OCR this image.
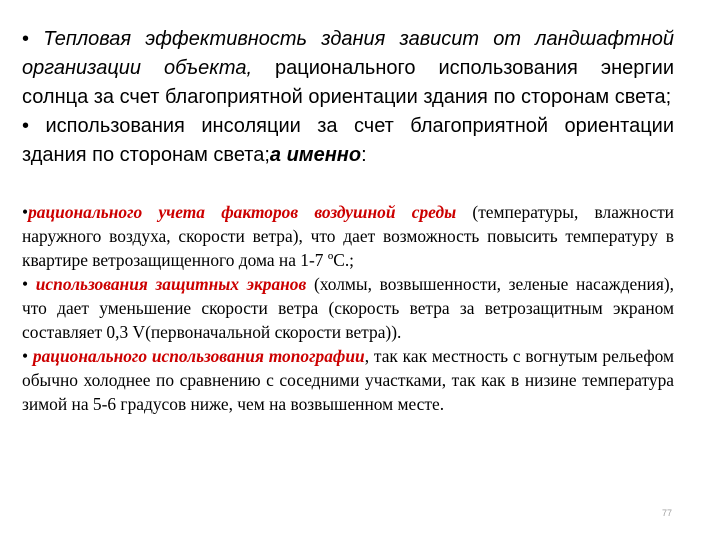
• Тепловая эффективность здания зависит от ландшафтной организации объекта, рационального использования энергии солнца за счет благоприятной ориентации здания по сторонам света;
• использования инсоляции за счет благоприятной ориентации здания по сторонам света;а именно:
•рационального учета факторов воздушной среды (температуры, влажности наружного воздуха, скорости ветра), что дает возможность повысить температуру в квартире ветрозащищенного дома на 1-7 ºС.;
• использования защитных экранов (холмы, возвышенности, зеленые насаждения), что дает уменьшение скорости ветра (скорость ветра за ветрозащитным экраном составляет 0,3 V(первоначальной скорости ветра)).
• рационального использования топографии, так как местность с вогнутым рельефом обычно холоднее по сравнению с соседними участками, так как в низине температура зимой на 5-6 градусов ниже, чем на возвышенном месте.
77
